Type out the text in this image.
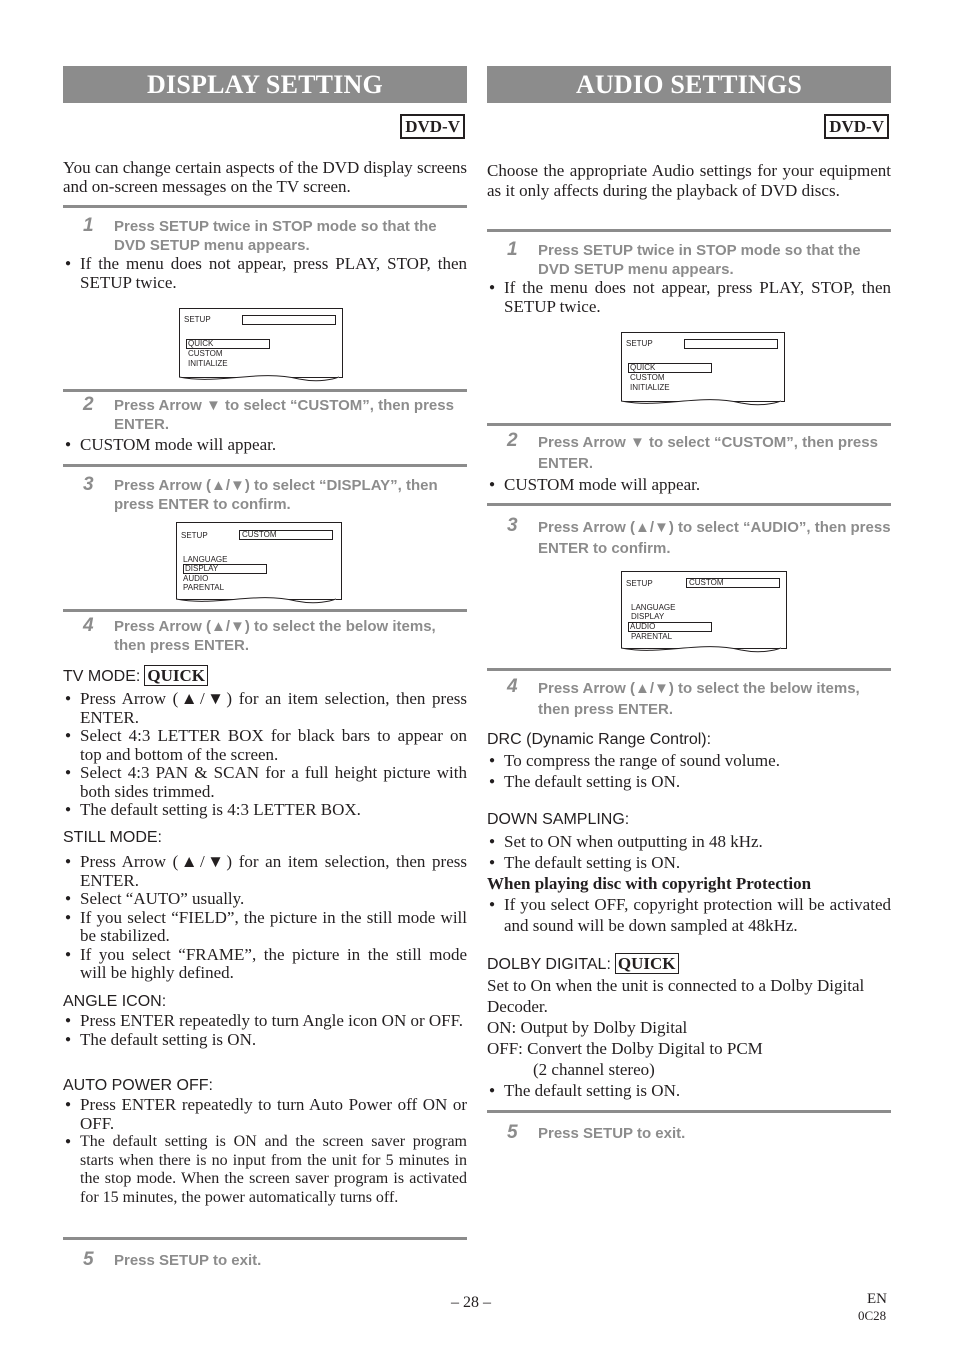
DISPLAY SETTING
DVD-V
You can change certain aspects of the DVD display screens and on-screen messages on the TV screen.
1 Press SETUP twice in STOP mode so that the DVD SETUP menu appears.
● If the menu does not appear, press PLAY, STOP, then SETUP twice.
SETUP
QUICK
CUSTOM
INITIALIZE
2 Press Arrow ▼ to select “CUSTOM”, then press ENTER.
● CUSTOM mode will appear.
3 Press Arrow (▲/▼) to select “DISPLAY”, then press ENTER to confirm.
SETUP	CUSTOM
LANGUAGE
DISPLAY
AUDIO
PARENTAL
4 Press Arrow (▲/▼) to select the below items, then press ENTER.
TV MODE: QUICK
● Press Arrow (▲/▼) for an item selection, then press ENTER.
● Select 4:3 LETTER BOX for black bars to appear on top and bottom of the screen.
● Select 4:3 PAN & SCAN for a full height picture with both sides trimmed.
● The default setting is 4:3 LETTER BOX.
STILL MODE:
● Press Arrow (▲/▼) for an item selection, then press ENTER.
● Select “AUTO” usually.
● If you select “FIELD”, the picture in the still mode will be stabilized.
● If you select “FRAME”, the picture in the still mode will be highly defined.
ANGLE ICON:
● Press ENTER repeatedly to turn Angle icon ON or OFF.
● The default setting is ON.
AUTO POWER OFF:
● Press ENTER repeatedly to turn Auto Power off ON or OFF.
● The default setting is ON and the screen saver program starts when there is no input from the unit for 5 minutes in the stop mode. When the screen saver program is activated for 15 minutes, the power automatically turns off.
5 Press SETUP to exit.
AUDIO SETTINGS
DVD-V
Choose the appropriate Audio settings for your equipment as it only affects during the playback of DVD discs.
1 Press SETUP twice in STOP mode so that the DVD SETUP menu appears.
● If the menu does not appear, press PLAY, STOP, then SETUP twice.
SETUP
QUICK
CUSTOM
INITIALIZE
2 Press Arrow ▼ to select “CUSTOM”, then press ENTER.
● CUSTOM mode will appear.
3 Press Arrow (▲/▼) to select “AUDIO”, then press ENTER to confirm.
SETUP	CUSTOM
LANGUAGE
DISPLAY
AUDIO
PARENTAL
4 Press Arrow (▲/▼) to select the below items, then press ENTER.
DRC (Dynamic Range Control):
● To compress the range of sound volume.
● The default setting is ON.
DOWN SAMPLING:
● Set to ON when outputting in 48 kHz.
● The default setting is ON.
When playing disc with copyright Protection
● If you select OFF, copyright protection will be activated and sound will be down sampled at 48kHz.
DOLBY DIGITAL: QUICK
Set to On when the unit is connected to a Dolby Digital Decoder.
ON: Output by Dolby Digital
OFF: Convert the Dolby Digital to PCM
(2 channel stereo)
● The default setting is ON.
5 Press SETUP to exit.
– 28 –	EN
0C28
